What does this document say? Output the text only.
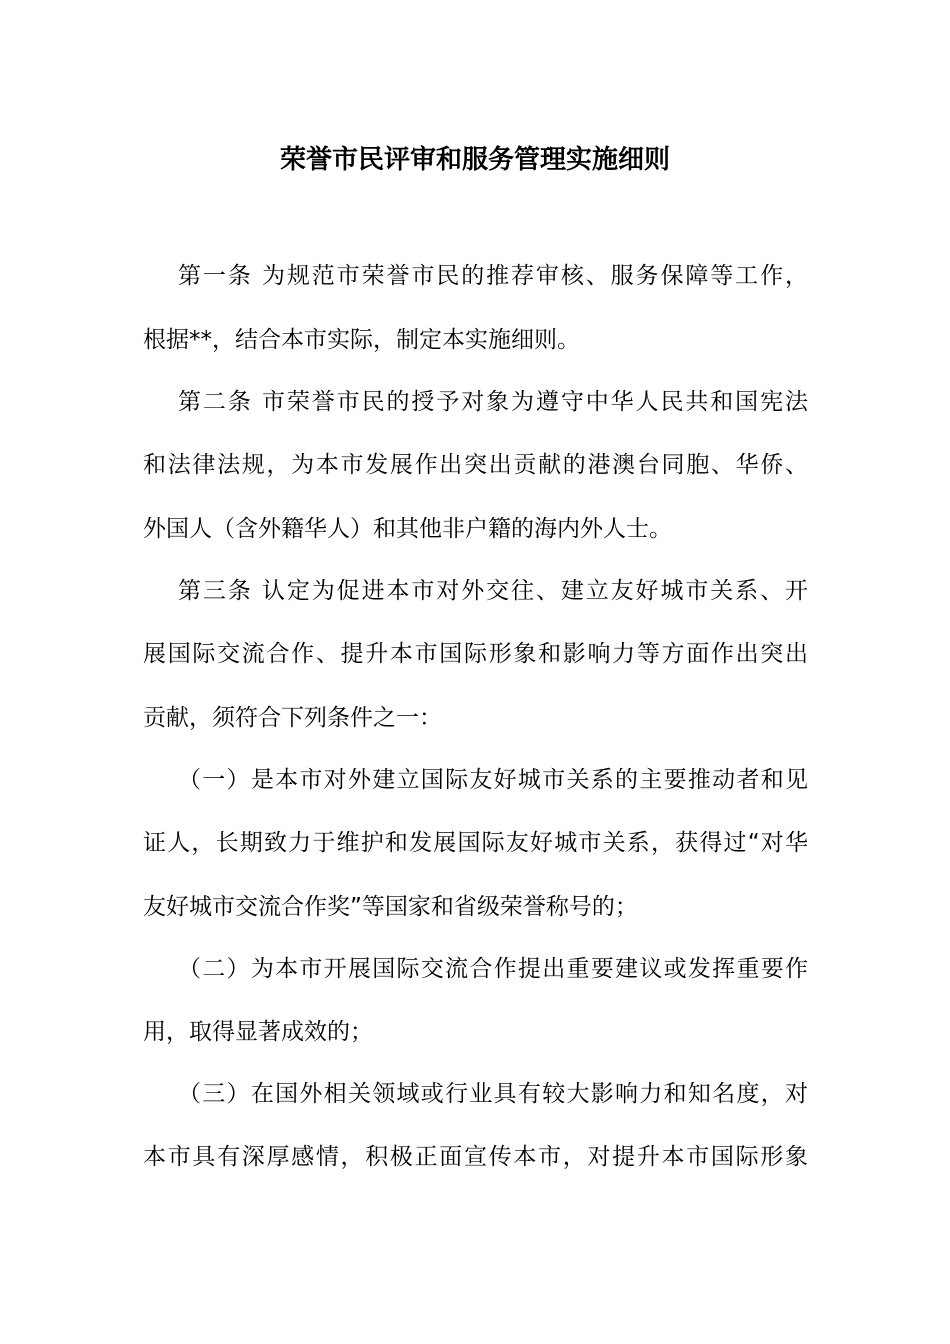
荣誉市民评审和服务管理实施细则
第一条 为规范市荣誉市民的推荐审核、服务保障等工作，
根据**，结合本市实际，制定本实施细则。
第二条 市荣誉市民的授予对象为遵守中华人民共和国宪法
和法律法规，为本市发展作出突出贡献的港澳台同胞、华侨、
外国人（含外籍华人）和其他非户籍的海内外人士。
第三条 认定为促进本市对外交往、建立友好城市关系、开
展国际交流合作、提升本市国际形象和影响力等方面作出突出
贡献，须符合下列条件之一：
（一）是本市对外建立国际友好城市关系的主要推动者和见
证人，长期致力于维护和发展国际友好城市关系，获得过“对华
友好城市交流合作奖”等国家和省级荣誉称号的；
（二）为本市开展国际交流合作提出重要建议或发挥重要作
用，取得显著成效的；
（三）在国外相关领域或行业具有较大影响力和知名度，对
本市具有深厚感情，积极正面宣传本市，对提升本市国际形象
